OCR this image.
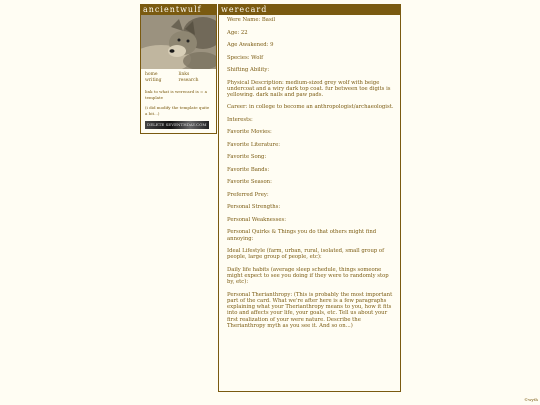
ancientwulf
home	links
writing	research
link to what is werecard is = a template
(i did modify the template quite a bit...)
DELETE SEVENTHDAY.COM
werecard

Were Name: Basil

Age: 22

Age Awakened: 9

Species: Wolf

Shifting Ability:

Physical Description: medium-sized grey wolf with beige undercoat and a wiry dark top coat. fur between toe digits is yellowing. dark nails and paw pads.

Career: in college to become an anthropologist/archaeologist.

Interests:

Favorite Movies:

Favorite Literature:

Favorite Song:

Favorite Bands:

Favorite Season:

Preferred Prey:

Personal Strengths:

Personal Weaknesses:

Personal Quirks & Things you do that others might find annoying:

Ideal Lifestyle (farm, urban, rural, isolated, small group of people, large group of people, etc):

Daily life habits (average sleep schedule, things someone might expect to see you doing if they were to randomly stop by, etc):

Personal Therianthropy: (This is probably the most important part of the card. What we're after here is a few paragraphs explaining what your Therianthropy means to you, how it fits into and affects your life, your goals, etc. Tell us about your first realization of your were nature. Describe the Therianthropy myth as you see it. And so on...)

©wyth
